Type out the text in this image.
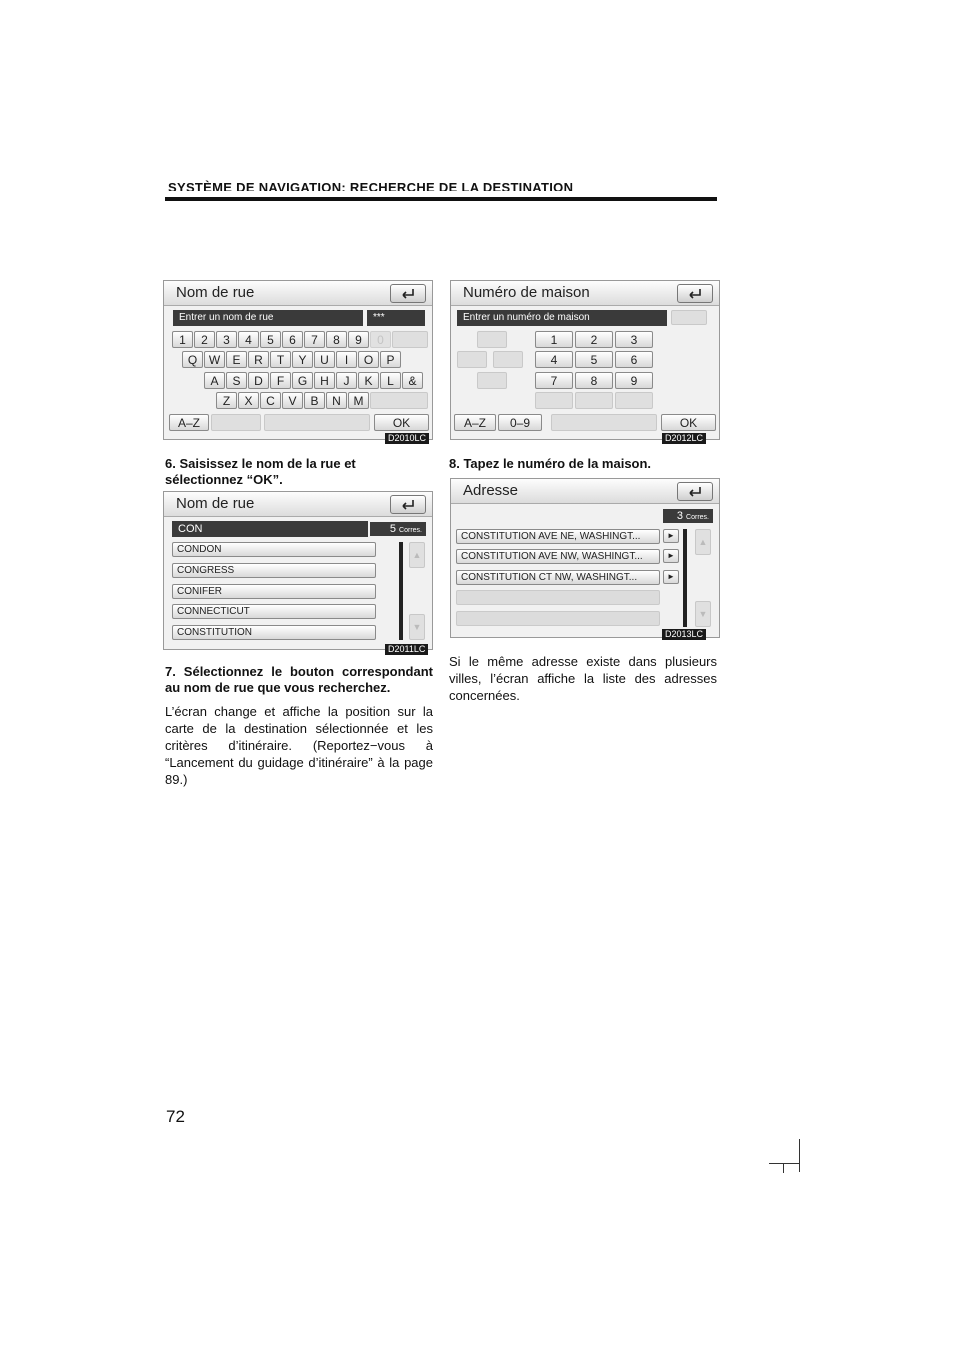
SYSTÈME DE NAVIGATION: RECHERCHE DE LA DESTINATION
Nom de rue
Entrer un nom de rue	***
1	2	3	4	5	6	7	8	9	0
Q W	E	R	T	Y	U	I	O	P
A	S	D	F	G	H	J	K	L	&
Z	X	C	V	B	N	M
A–Z	OK
D2010LC
Numéro de maison
Entrer un numéro de maison
1	2	3
4	5	6
7	8	9
A–Z	0–9	OK
D2012LC
6. Saisissez le nom de la rue et sélectionnez “OK”.
8. Tapez le numéro de la maison.
Nom de rue
CON	5 Corres.
CONDON
CONGRESS
CONIFER
CONNECTICUT
CONSTITUTION
▲
▼
D2011LC
Adresse
3 Corres.
CONSTITUTION AVE NE, WASHINGT...	►
CONSTITUTION AVE NW, WASHINGT...	►
CONSTITUTION CT NW, WASHINGT...	►
▲
▼
D2013LC
Si le même adresse existe dans plusieurs villes, l’écran affiche la liste des adresses concernées.
7. Sélectionnez le bouton correspondant au nom de rue que vous recherchez.
L’écran change et affiche la position sur la carte de la destination sélectionnée et les critères d’itinéraire. (Reportez−vous à “Lancement du guidage d’itinéraire” à la page 89.)
72
